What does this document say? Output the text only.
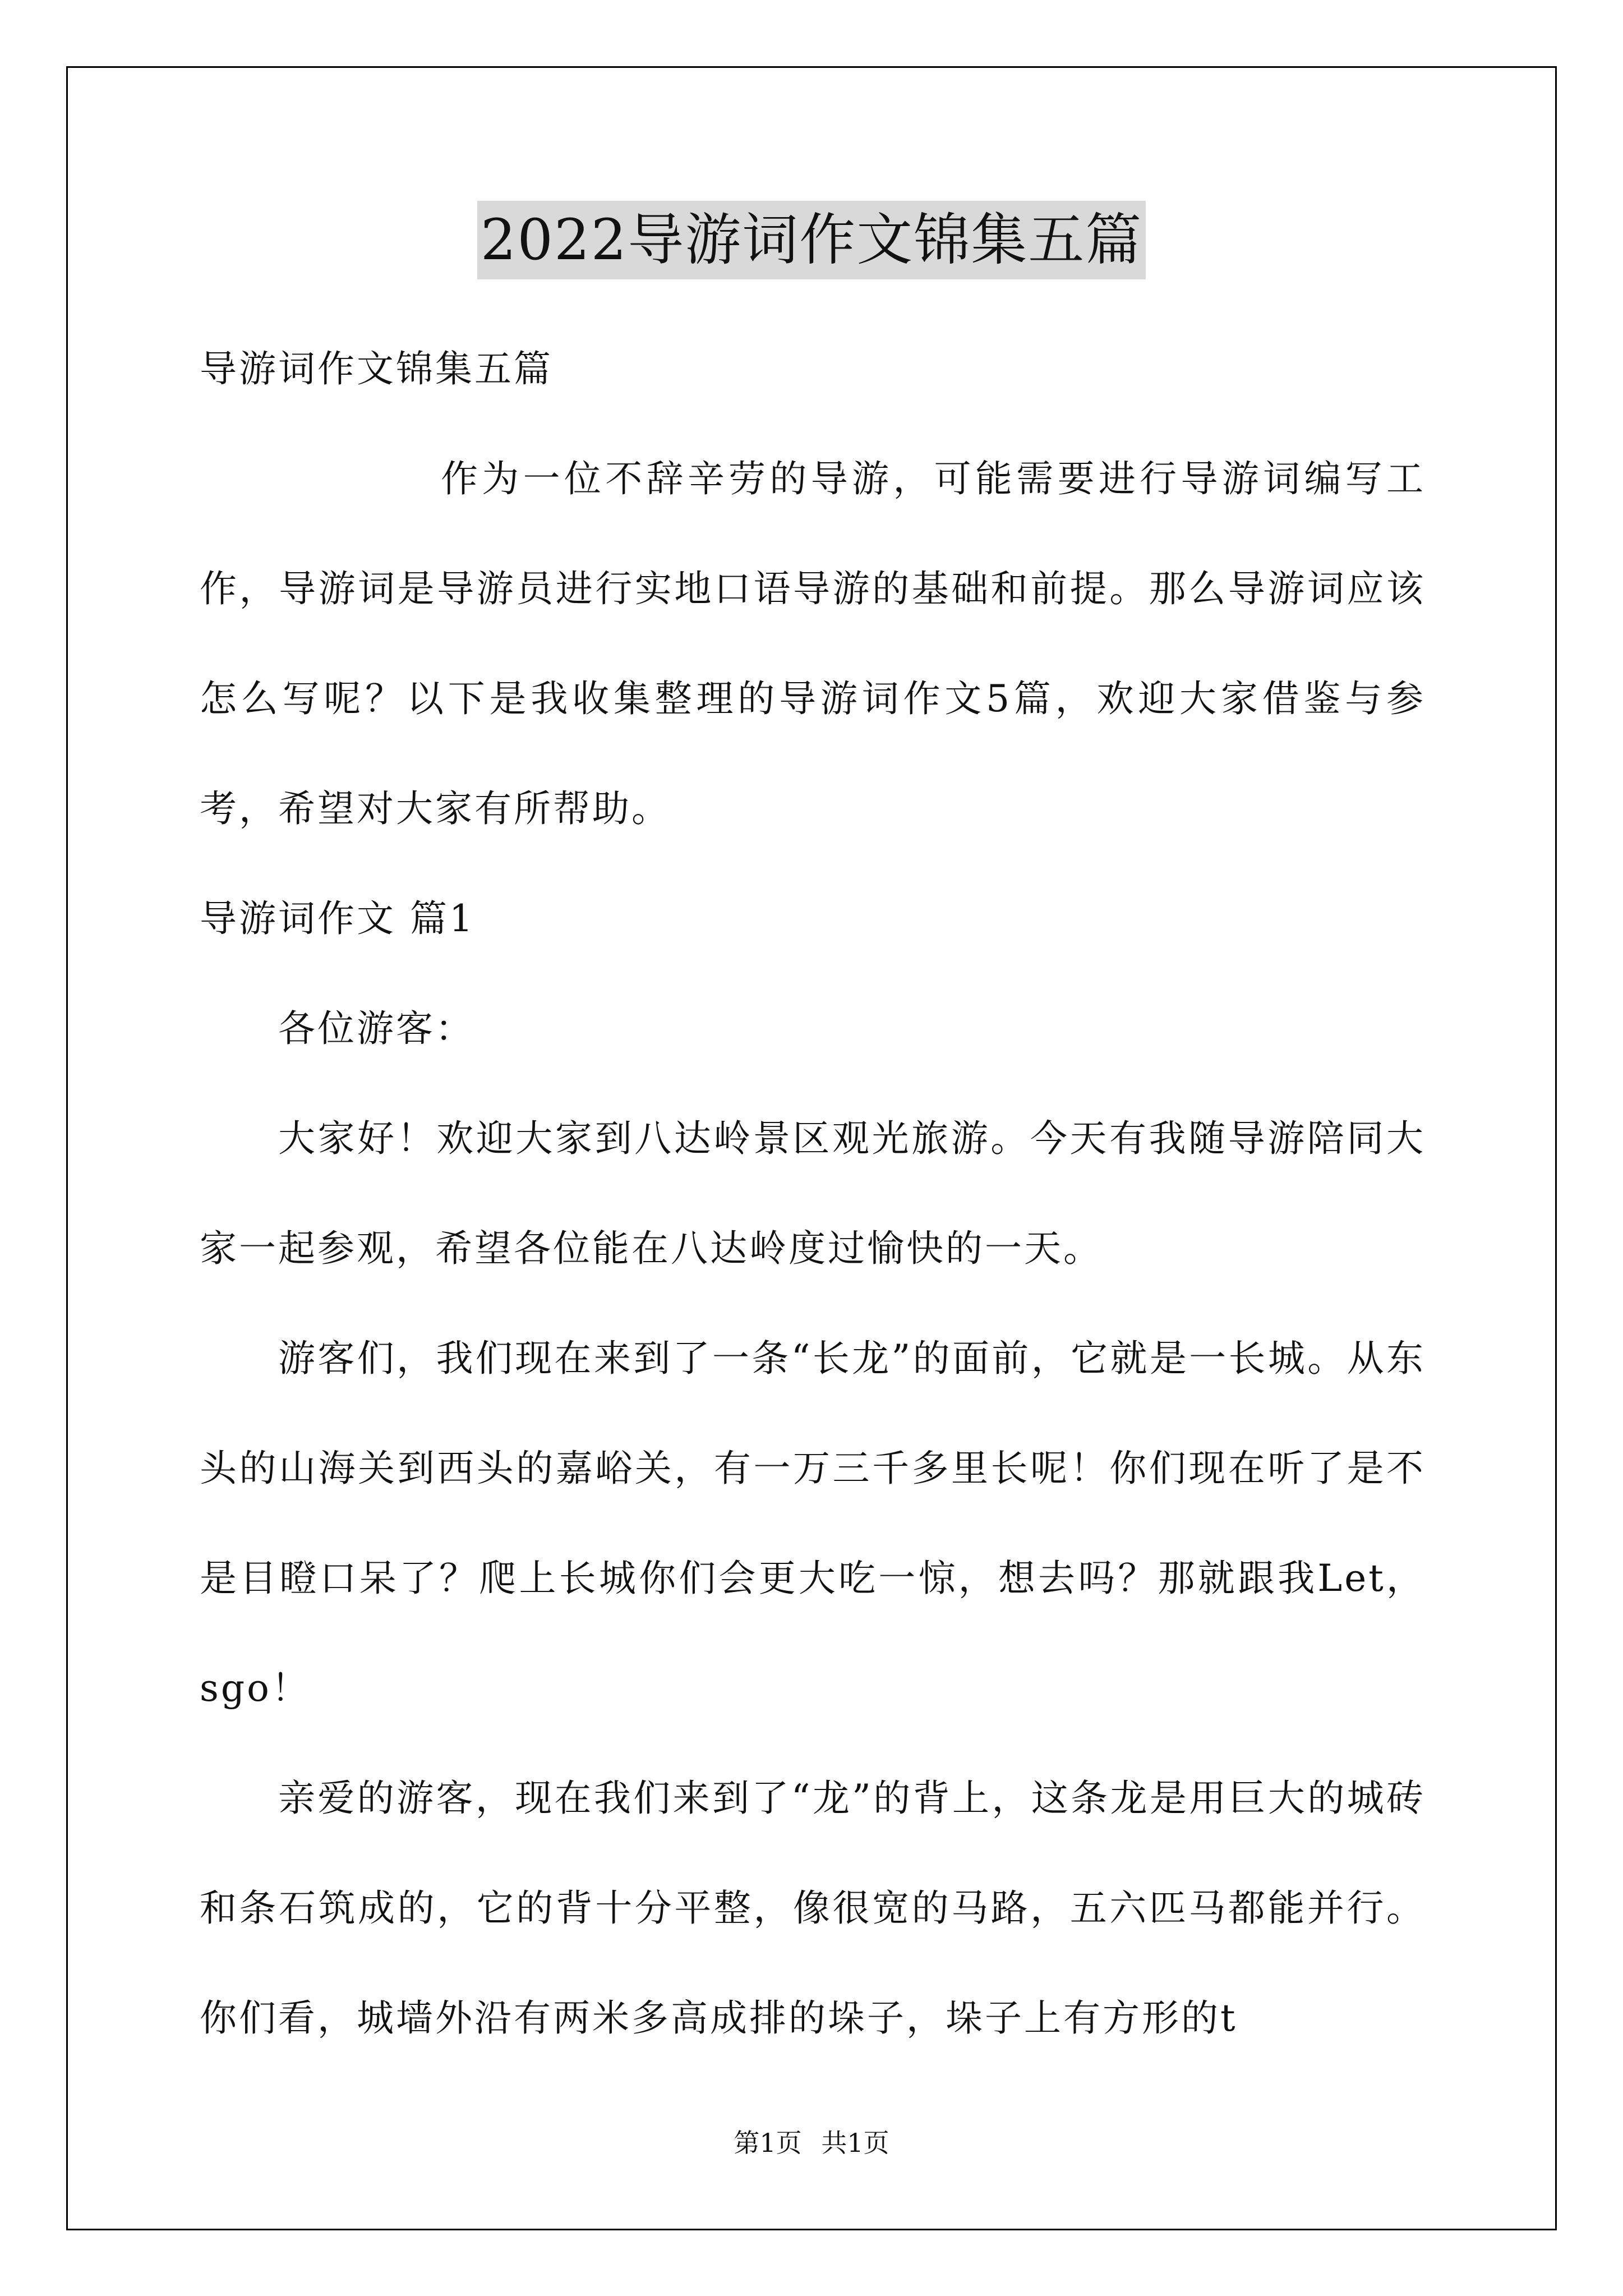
2022导游词作文锦集五篇

导游词作文锦集五篇

作为一位不辞辛劳的导游，可能需要进行导游词编写工作，导游词是导游员进行实地口语导游的基础和前提。那么导游词应该怎么写呢？以下是我收集整理的导游词作文5篇，欢迎大家借鉴与参考，希望对大家有所帮助。

导游词作文 篇1

各位游客：

大家好！欢迎大家到八达岭景区观光旅游。今天有我随导游陪同大家一起参观，希望各位能在八达岭度过愉快的一天。

游客们，我们现在来到了一条“长龙”的面前，它就是一长城。从东头的山海关到西头的嘉峪关，有一万三千多里长呢！你们现在听了是不是目瞪口呆了？爬上长城你们会更大吃一惊，想去吗？那就跟我Let，sgo！

亲爱的游客，现在我们来到了“龙”的背上，这条龙是用巨大的城砖和条石筑成的，它的背十分平整，像很宽的马路，五六匹马都能并行。你们看，城墙外沿有两米多高成排的垛子，垛子上有方形的t

第1页 共1页
